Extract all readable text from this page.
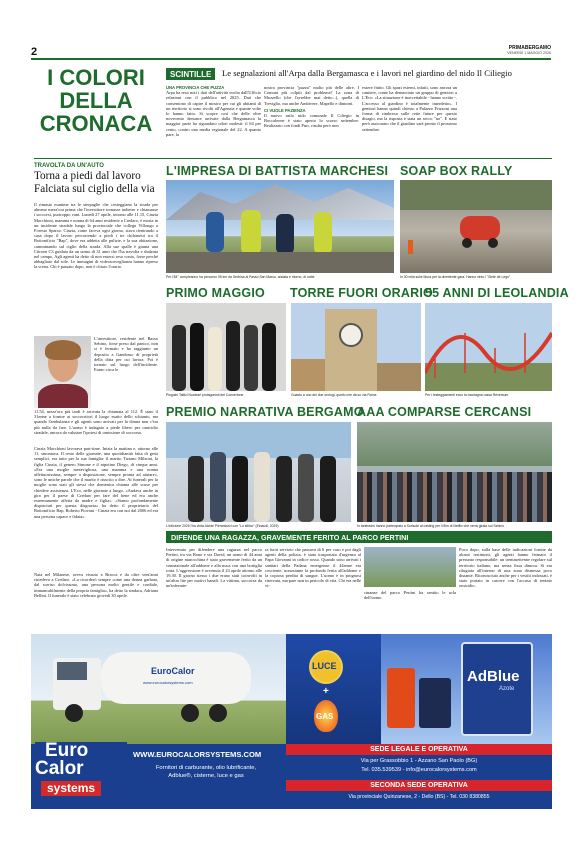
2	PRIMABERGAMO
VENERDÌ 1 MAGGIO 2026
I COLORI
DELLA
CRONACA
SCINTILLE	Le segnalazioni all'Arpa dalla Bergamasca e i lavori nel giardino del nido Il Ciliegio
UNA PROVINCIA CHE PUZZA
Arpa ha reso noti i dati dell'attività svolta dall'Ufficio relazioni con il pubblico nel 2025. Dati che consentono di capire il mostro per cui gli abitanti di un territorio si sono rivolti all'Agenzia e quante volte lo hanno fatto. Si scopre così che delle oltre novecento denunce arrivate dalla Bergamasca la maggior parte ha riguardato odori molesti: il 64 per cento, contro una media regionale del 22. A quanto pare, la
nostra provincia "puzza" molto più delle altre. I Comuni più colpiti dal problema? La zona di Mozzello (che l'avrebbe mai detto...), quella di Treviglio, ma anche Ambivere, Mapello e dintorni.
CI VUOLE PAZIENZA
Il nuovo asilo nido comunale Il Ciliegio in Boccaleone è stato aperto lo scorso settembre. Realizzato con fondi Pnrr, risulta però non
essere finito. Gli spazi esterni, infatti, sono ancora un cantiere, come ha denunciato un gruppo di genitori a L'Eco: «La situazione è inaccettabile - hanno scritto -. L'accesso al giardino è totalmente interdetto». I genitori hanno quindi chiesto a Palazzo Frizzoni una forma di rimborso sulle rette future per questo disagio, ma la risposta è stata un secco "no". E stato però assicurato che il giardino sarà pronto il prossimo settembre.
TRAVOLTA DA UN'AUTO
Torna a piedi dal lavoro
Falciata sul ciglio della via
Il rimasta esanime tra le sterpaglie che costeggiano la strada per almeno mezz'ora prima che l'investitore tornasse indietro e chiamasse i soccorsi, purtroppo vani. Lunedì 27 aprile, intorno alle 11.15, Cinzia Macchioni, mamma e nonna di 64 anni residente a Credaro, è morta in un incidente stradale lungo la provinciale che collega Villongo a Foresto Sparso. Cinzia, come faceva ogni giorno, stava rientrando a casa dopo il lavoro percorrendo a piedi i tre chilometri tra il Bottonificio "Bap", dove era addetta alle pulizie, e la sua abitazione, camminando sul ciglio della strada. Alla sue spalle è giunta una Citroen C3 guidata da un uomo di 31 anni che l'ha travolta e sbalzata nel campo. Agli agenti ha detto di non essersi reso conto, forse perché abbagliato dal sole. Le immagini di videosorveglianza hanno ripreso la scena. Chi è passato dopo, non è chiaro l'orario.
L'investitore, residente nel Basso Sebino, forse preso dal panico, non si è fermato e ha raggiunto un deposito a Gandosso di proprietà della ditta per cui lavora. Poi è tornato sul luogo dell'incidente. Erano circa le
11.54, mezz'ora più tardi è arrivata la chiamata al 112. È stato il 31enne a fornire ai soccorritori il luogo esatto dello schianto, ma quando l'ambulanza e gli agenti sono arrivati per la donna non c'era più nulla da fare. L'uomo è indagato a piede libero per omicidio stradale, ancora da valutare l'ipotesi di omissione di soccorso.
Cinzia Macchioni lavorava part-time. Inizia la mattina e, attorno alle 11, smontava. Il resto delle giornate, una quotidianità fatta di gesti semplici, era tutto per la sua famiglia: il marito Tiziano Milzoni, la figlia Cinzia, il genero Simone e il nipotino Diego, di cinque anni. «Era una moglie meravigliosa, una mamma e una nonna affettuosissima, sempre a disposizione, sempre pronta ad aiutare», sono le uniche parole che il marito è riuscito a dire. Ai funerali per la moglie sono stati gli stessi che domenica chiama alle scuse per chiedere assistenza. L'Eco, nelle giornate a lungo. «Andava anche in giro per il paese di Credaro per fare del bene ed era anche estremamente affetta da madre e figlia». «Siamo profondamente dispiaciuti per questa disgrazia» ha detto il proprietario del Bottonificio Bap, Roberto Piovani - Cinzia era con noi dal 2006 ed era una persona capace e fidata».
Nata nel Milanese, aveva vissuto a Bracca e da oltre vent'anni risiedeva a Credaro. «La ricorderò sempre come una donna garbata, dal sorriso dolcissimo, una persona molto gentile e cordiale, immancabilmente della propria famiglia», ha detto la sindaca, Adriana Bellini. Il funerale è stato celebrato giovedì 30 aprile.
L'IMPRESA DI BATTISTA MARCHESI
Per l'84° compleanno ha percorso 95 km da Sedrina al Passo San Marco, andata e ritorno, di notte
SOAP BOX RALLY
In 30 mila sulle Mura per la divertente gara. Hanno vinto i "Siete de Legn"
PRIMO MAGGIO
Pinguini Tattici Nucleari protagonisti del Concertone
TORRE FUORI ORARIO
Guasto a uno dei due orologi, quello che dà su via Roma
55 ANNI DI LEOLANDIA
Per i festeggiamenti ecco la montagna russa Reversum
PREMIO NARRATIVA BERGAMO
L'edizione 2026 l'ha vinta Alcide Pierantozzi con "Lo stilico" (Einaudi, 2025)
AAA COMPARSE CERCANSI
In tantissimi hanno partecipato a Sorisole al casting per il film di Netflix che verrà girata sul Sebino
DIFENDE UNA RAGAZZA, GRAVEMENTE FERITO AL PARCO PERTINI
Intervenuto per difendere una ragazza nel parco Pertini, tra via Bono e via David, un uomo di 44 anni di origine marocchina è stato gravemente ferito da un connazionale all'addome e alla nuca con una bottiglia rotta. L'aggressione è avvenuta il 23 aprile attorno alle 19.30. Il giorno stesso i due erano stati coinvolti in un'altra lite per motivi banali. La vittima, soccorsa da un'infermie-
ra fuori servizio che passava di lì per caso e poi dagli agenti della polizia, è stata trasportata d'urgenza al Papa Giovanni in codice rosso. Quando sono arrivati i sanitari della Padana emergenze il 44enne era cosciente, nonostante la profonda ferita all'addome e la copiosa perdita di sangue. L'uomo è in prognosi riservata, ma pare non in pericolo di vita. Chi era nelle vi-
cinanze del parco Pertini ha sentito le urla dell'uomo.
Poco dopo, sulla base delle indicazioni fornite da alcuni testimoni, gli agenti hanno fermato il presunto responsabile: un trentasettenne regolare sul territorio italiano, ma senza fissa dimora. Si era rifugiato all'interno di una zona dismessa poco distante. Riconosciuto anche per i vestiti indossati, è stato portato in carcere con l'accusa di tentato omicidio.
EuroCalor
www.eurocalorsystems.com
Euro
Calor
systems
WWW.EUROCALORSYSTEMS.COM
Fornitori di carburante, olio lubrificante,
Adblue®, cisterne, luce e gas
LUCE
+
GAS
AdBlue
Azote
SEDE LEGALE E OPERATIVA
Via per Grassobbio 1 - Azzano San Paolo (BG)
Tel. 035.539539 - info@eurocalorsystems.com
SECONDA SEDE OPERATIVA
Via provinciale Quinzanese, 2 - Dello (BS) - Tel. 030 8380855
